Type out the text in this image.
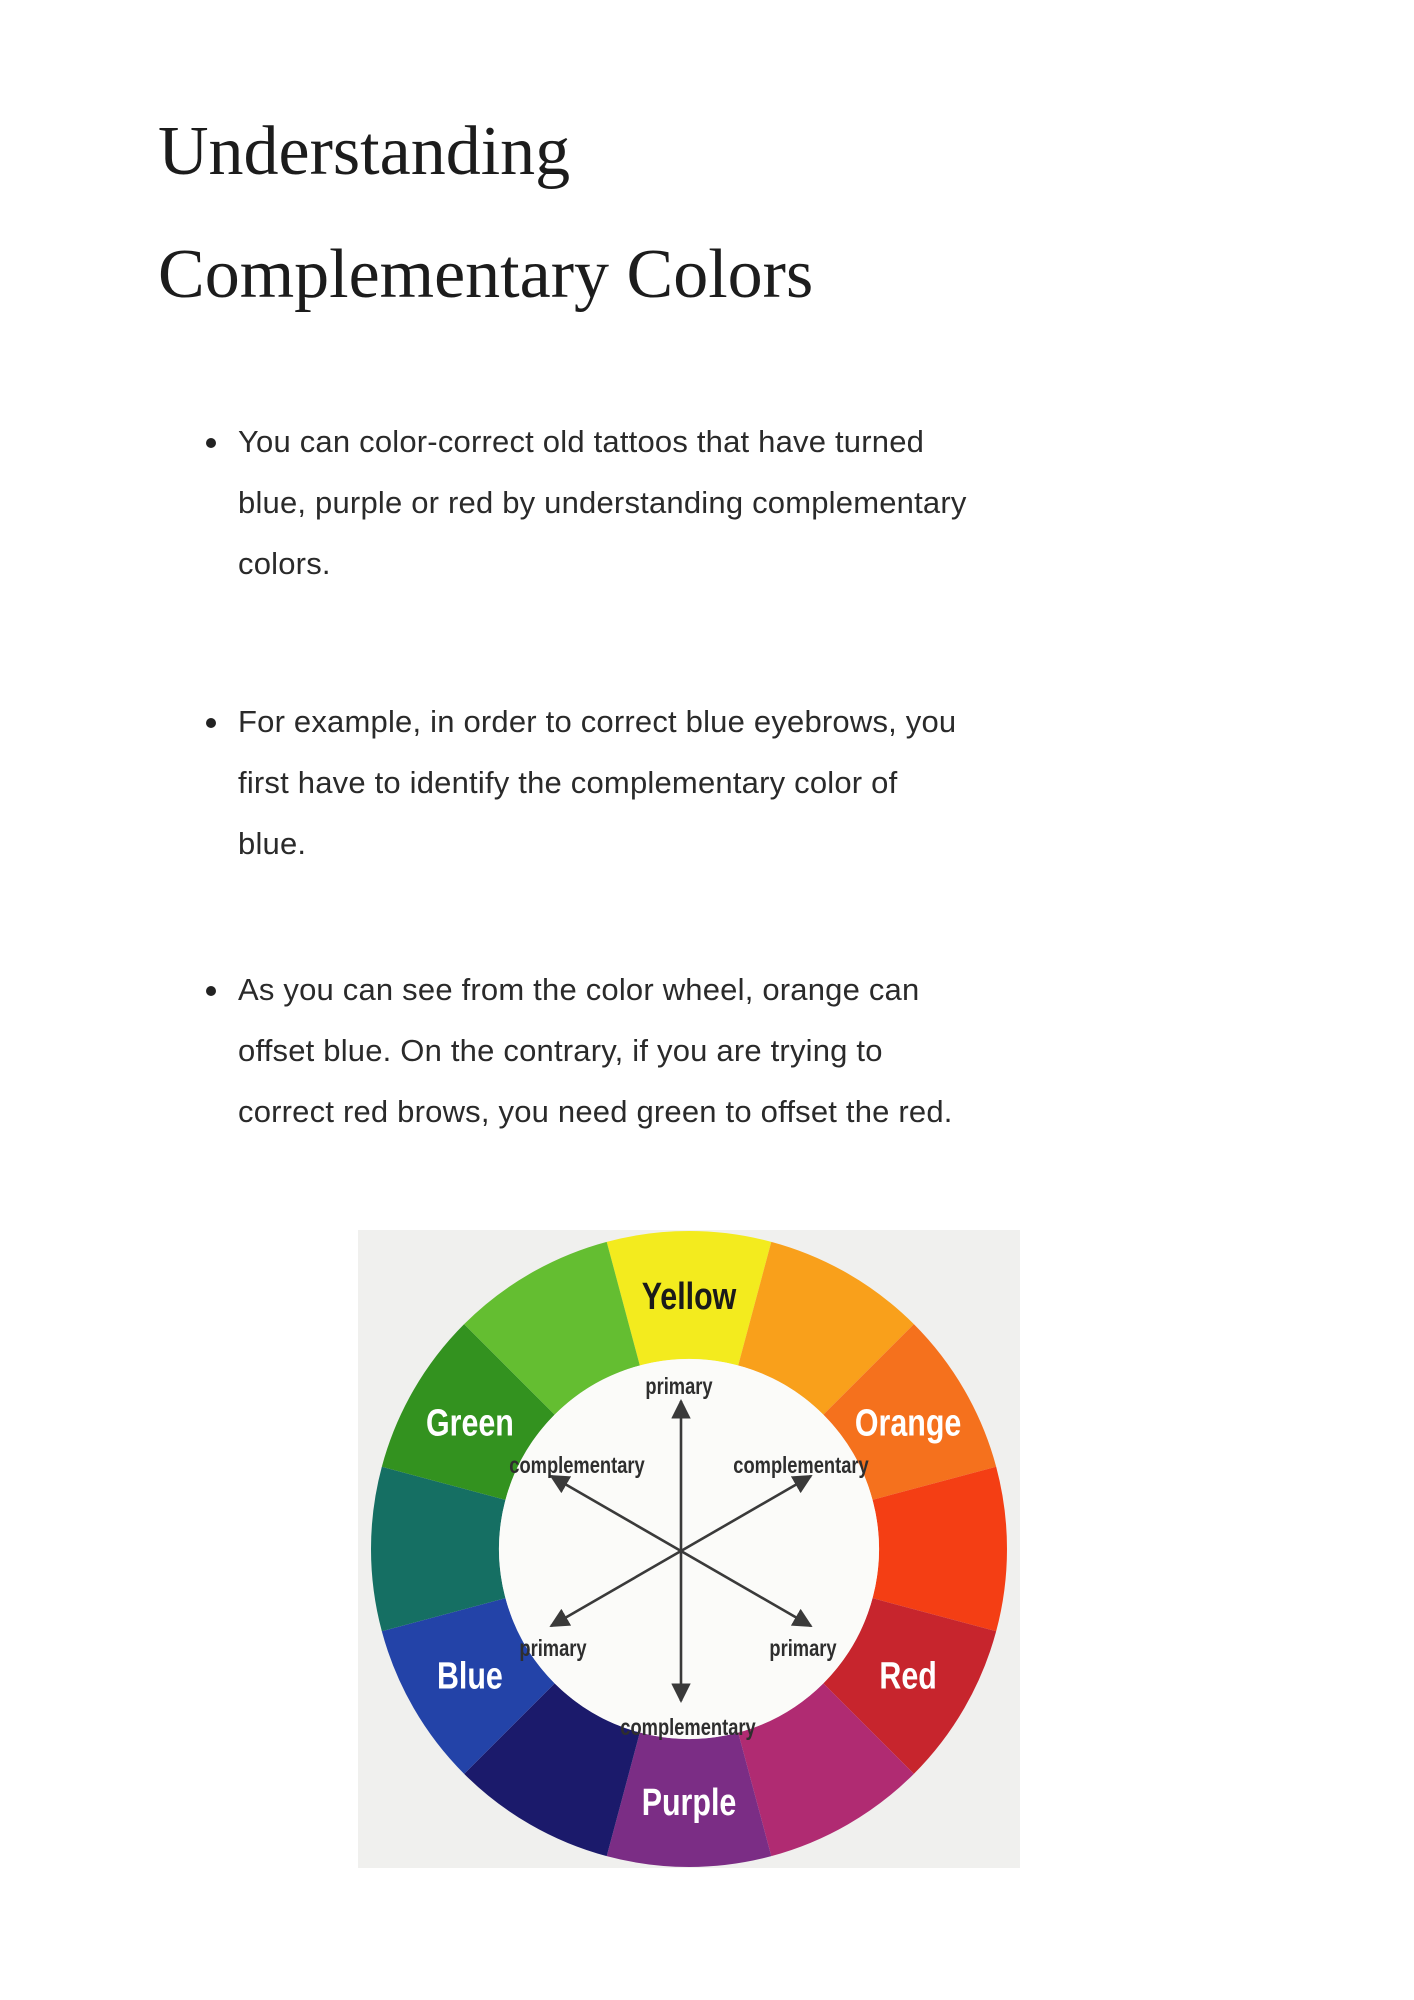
Understanding
Complementary Colors
You can color-correct old tattoos that have turned
blue, purple or red by understanding complementary
colors.
For example, in order to correct blue eyebrows, you
first have to identify the complementary color of
blue.
As you can see from the color wheel, orange can
offset blue. On the contrary, if you are trying to
correct red brows, you need green to offset the red.
Yellow
Orange
Red
Purple
Blue
Green
primary
complementary	complementary
primary	primary
complementary
